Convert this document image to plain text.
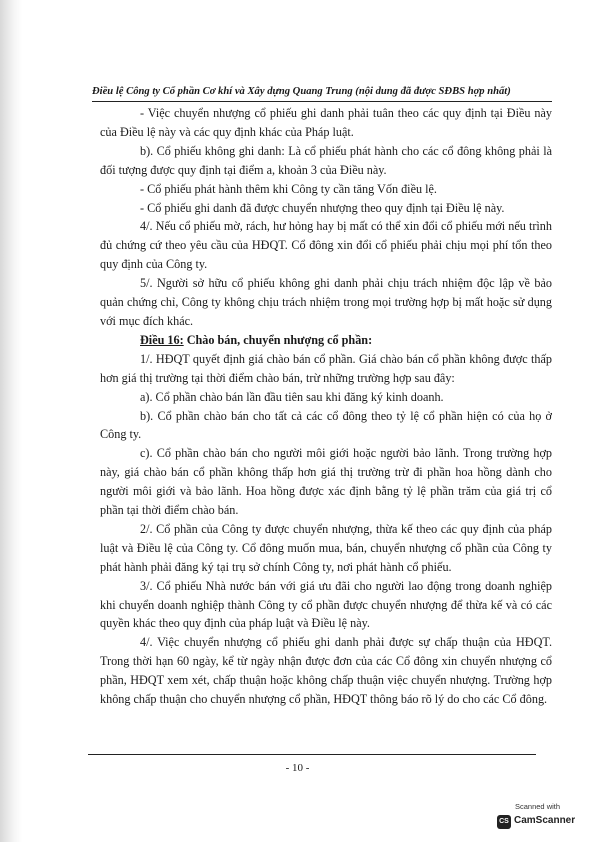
Điều lệ Công ty Cổ phần Cơ khí và Xây dựng Quang Trung (nội dung đã được SĐBS hợp nhất)

- Việc chuyển nhượng cổ phiếu ghi danh phải tuân theo các quy định tại Điều này của Điều lệ này và các quy định khác của Pháp luật.

b). Cổ phiếu không ghi danh: Là cổ phiếu phát hành cho các cổ đông không phải là đối tượng được quy định tại điểm a, khoản 3 của Điều này.

- Cổ phiếu phát hành thêm khi Công ty cần tăng Vốn điều lệ.

- Cổ phiếu ghi danh đã được chuyển nhượng theo quy định tại Điều lệ này.

4/. Nếu cổ phiếu mờ, rách, hư hỏng hay bị mất có thể xin đổi cổ phiếu mới nếu trình đủ chứng cứ theo yêu cầu của HĐQT. Cổ đông xin đổi cổ phiếu phải chịu mọi phí tổn theo quy định của Công ty.

5/. Người sở hữu cổ phiếu không ghi danh phải chịu trách nhiệm độc lập về bảo quản chứng chỉ, Công ty không chịu trách nhiệm trong mọi trường hợp bị mất hoặc sử dụng với mục đích khác.

Điều 16: Chào bán, chuyển nhượng cổ phần:

1/. HĐQT quyết định giá chào bán cổ phần. Giá chào bán cổ phần không được thấp hơn giá thị trường tại thời điểm chào bán, trừ những trường hợp sau đây:

a). Cổ phần chào bán lần đầu tiên sau khi đăng ký kinh doanh.

b). Cổ phần chào bán cho tất cả các cổ đông theo tỷ lệ cổ phần hiện có của họ ở Công ty.

c). Cổ phần chào bán cho người môi giới hoặc người bảo lãnh. Trong trường hợp này, giá chào bán cổ phần không thấp hơn giá thị trường trừ đi phần hoa hồng dành cho người môi giới và bảo lãnh. Hoa hồng được xác định bằng tỷ lệ phần trăm của giá trị cổ phần tại thời điểm chào bán.

2/. Cổ phần của Công ty được chuyển nhượng, thừa kế theo các quy định của pháp luật và Điều lệ của Công ty. Cổ đông muốn mua, bán, chuyển nhượng cổ phần của Công ty phát hành phải đăng ký tại trụ sở chính Công ty, nơi phát hành cổ phiếu.

3/. Cổ phiếu Nhà nước bán với giá ưu đãi cho người lao động trong doanh nghiệp khi chuyển doanh nghiệp thành Công ty cổ phần được chuyển nhượng để thừa kế và có các quyền khác theo quy định của pháp luật và Điều lệ này.

4/. Việc chuyển nhượng cổ phiếu ghi danh phải được sự chấp thuận của HĐQT. Trong thời hạn 60 ngày, kể từ ngày nhận được đơn của các Cổ đông xin chuyển nhượng cổ phần, HĐQT xem xét, chấp thuận hoặc không chấp thuận việc chuyển nhượng. Trường hợp không chấp thuận cho chuyển nhượng cổ phần, HĐQT thông báo rõ lý do cho các Cổ đông.

- 10 -
Scanned with
CS CamScanner
